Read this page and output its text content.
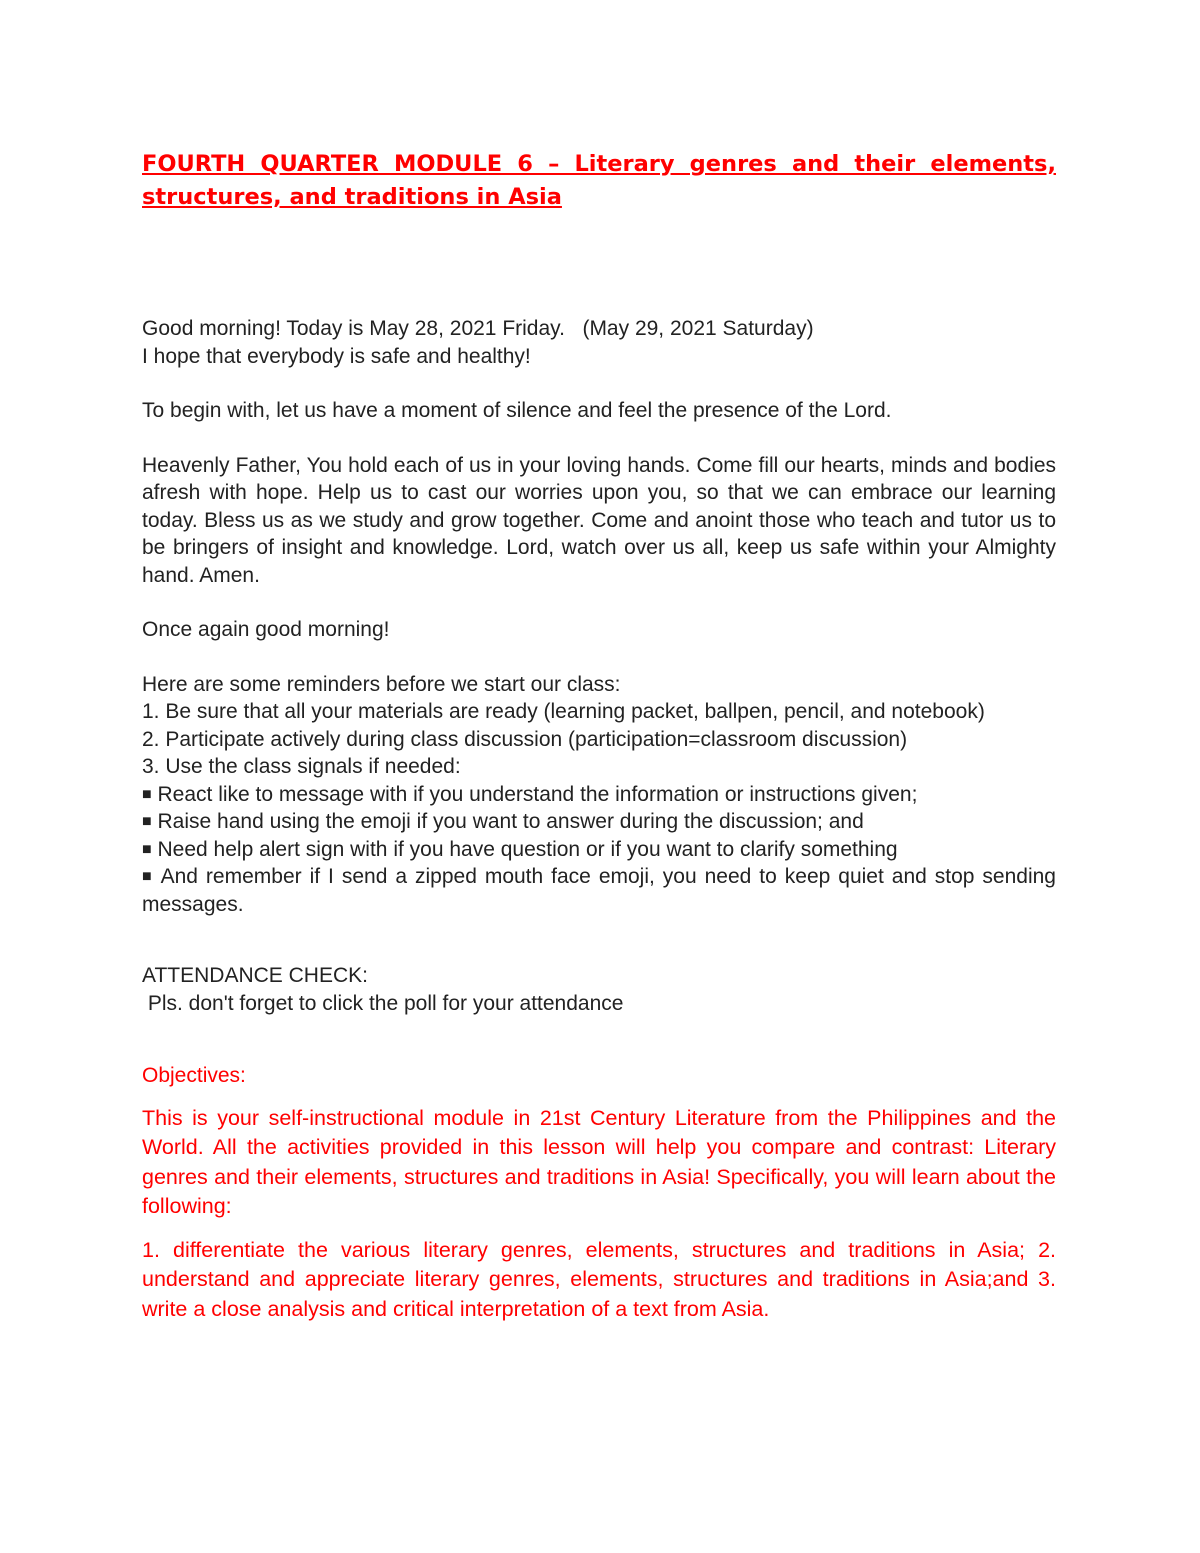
FOURTH QUARTER MODULE 6 – Literary genres and their elements, structures, and traditions in Asia

Good morning! Today is May 28, 2021 Friday.   (May 29, 2021 Saturday)
I hope that everybody is safe and healthy!

To begin with, let us have a moment of silence and feel the presence of the Lord.

Heavenly Father, You hold each of us in your loving hands. Come fill our hearts, minds and bodies afresh with hope. Help us to cast our worries upon you, so that we can embrace our learning today. Bless us as we study and grow together. Come and anoint those who teach and tutor us to be bringers of insight and knowledge. Lord, watch over us all, keep us safe within your Almighty hand. Amen.

Once again good morning!

Here are some reminders before we start our class:
1. Be sure that all your materials are ready (learning packet, ballpen, pencil, and notebook)
2. Participate actively during class discussion (participation=classroom discussion)
3. Use the class signals if needed:
■ React like to message with if you understand the information or instructions given;
■ Raise hand using the emoji if you want to answer during the discussion; and
■ Need help alert sign with if you have question or if you want to clarify something
■ And remember if I send a zipped mouth face emoji, you need to keep quiet and stop sending messages.
ATTENDANCE CHECK:
Pls. don't forget to click the poll for your attendance
Objectives:

This is your self-instructional module in 21st Century Literature from the Philippines and the World. All the activities provided in this lesson will help you compare and contrast: Literary genres and their elements, structures and traditions in Asia! Specifically, you will learn about the following:

1. differentiate the various literary genres, elements, structures and traditions in Asia; 2. understand and appreciate literary genres, elements, structures and traditions in Asia;and 3. write a close analysis and critical interpretation of a text from Asia.
